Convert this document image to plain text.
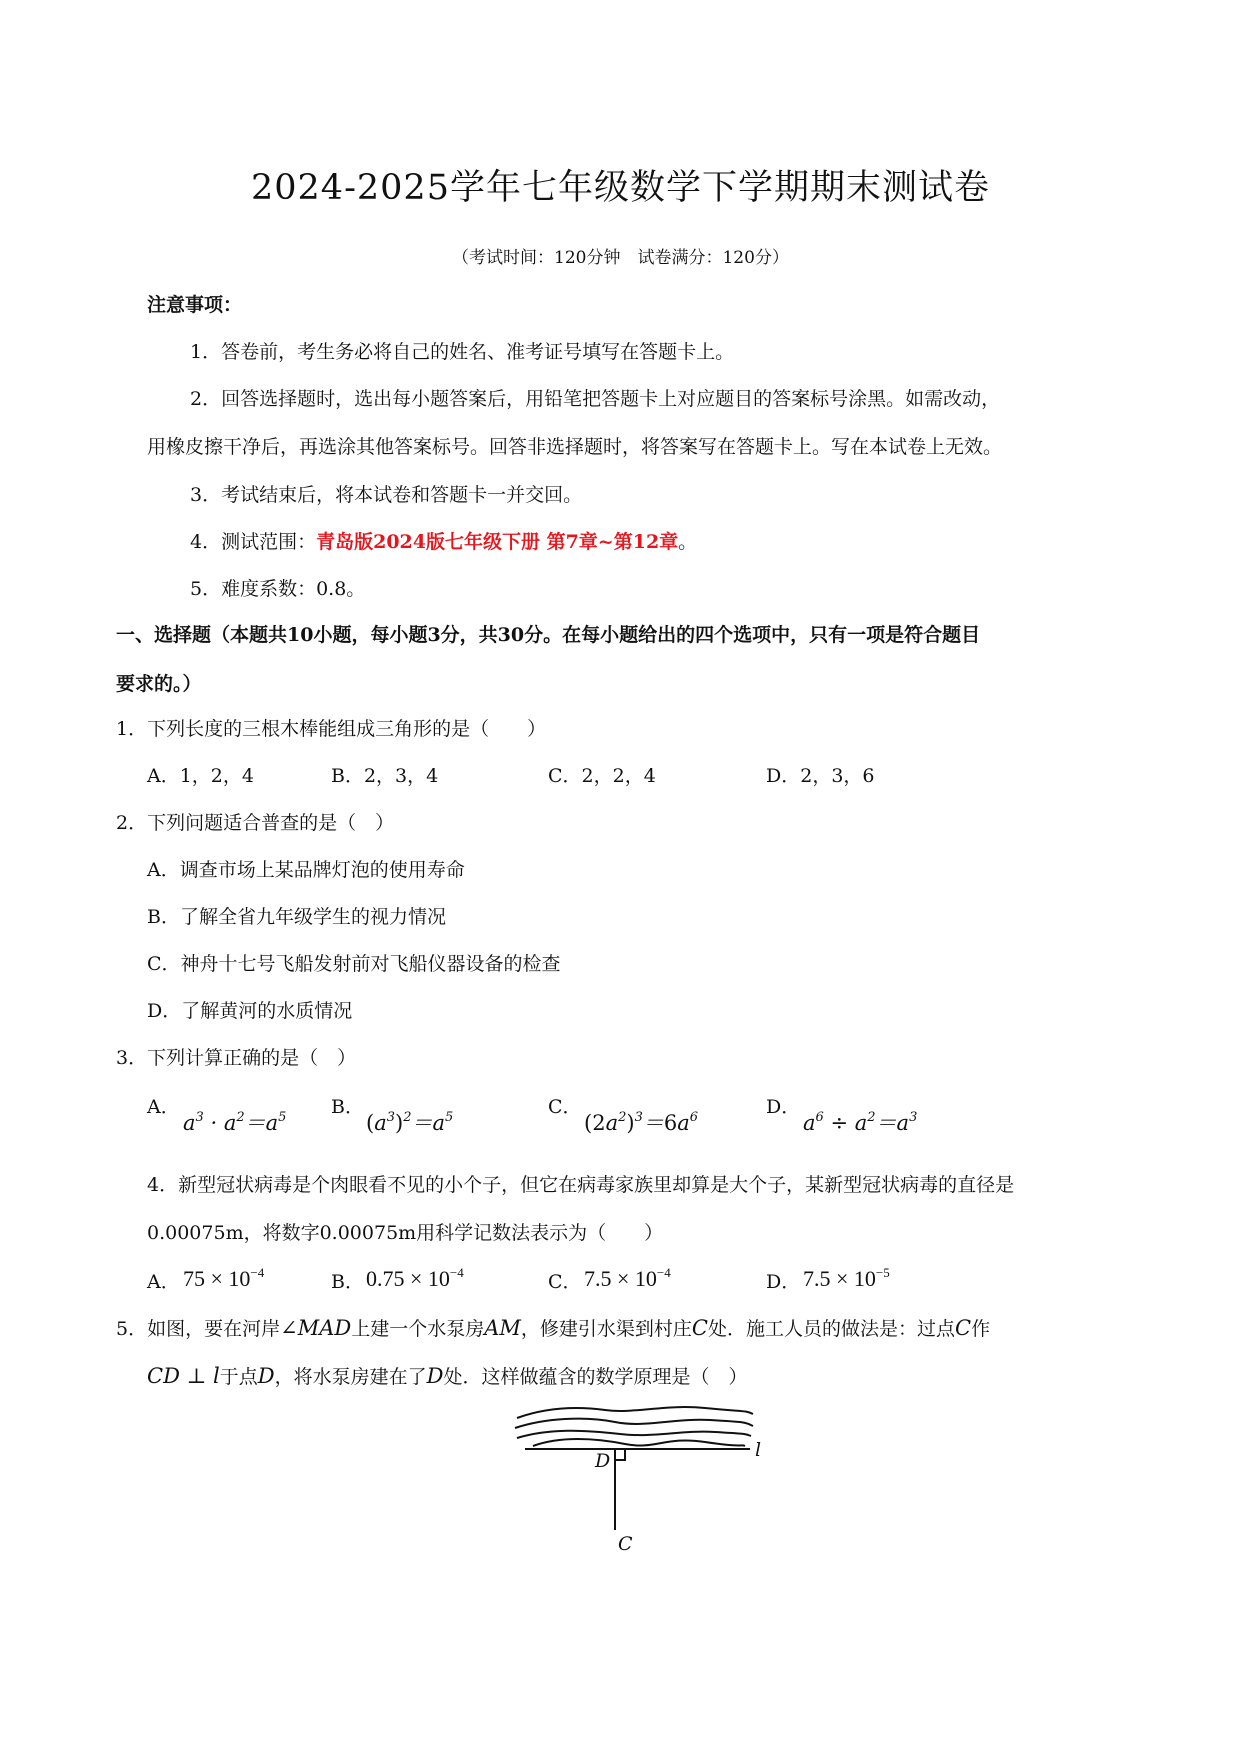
2024-2025学年七年级数学下学期期末测试卷
（考试时间：120分钟　试卷满分：120分）
注意事项：
1．答卷前，考生务必将自己的姓名、准考证号填写在答题卡上。
2．回答选择题时，选出每小题答案后，用铅笔把答题卡上对应题目的答案标号涂黑。如需改动，
用橡皮擦干净后，再选涂其他答案标号。回答非选择题时，将答案写在答题卡上。写在本试卷上无效。
3．考试结束后，将本试卷和答题卡一并交回。
4．测试范围：青岛版2024版七年级下册 第7章~第12章。
5．难度系数：0.8。
一、选择题（本题共10小题，每小题3分，共30分。在每小题给出的四个选项中，只有一项是符合题目
要求的。）
1．下列长度的三根木棒能组成三角形的是（　　）
A．1，2，4	B．2，3，4	C．2，2，4	D．2，3，6
2．下列问题适合普查的是（　）
A．调查市场上某品牌灯泡的使用寿命
B．了解全省九年级学生的视力情况
C．神舟十七号飞船发射前对飞船仪器设备的检查
D．了解黄河的水质情况
3．下列计算正确的是（　）
A．
$a^3 \cdot a^2=a^5$ B．
$(a^3)^2=a^5$	C．
$(2a^2)^3=6a^6$	D．
$a^6 \div a^2=a^3$
4．新型冠状病毒是个肉眼看不见的小个子，但它在病毒家族里却算是大个子，某新型冠状病毒的直径是
0.00075m，将数字0.00075m用科学记数法表示为（　　）
A． $75 \times 10^{-4}$	B． $0.75 \times 10^{-4}$	C． $7.5 \times 10^{-4}$	D． $7.5 \times 10^{-5}$
5．如图，要在河岸∠MAD上建一个水泵房AM，修建引水渠到村庄C处．施工人员的做法是：过点C作
CD ⊥ l于点D，将水泵房建在了D处．这样做蕴含的数学原理是（　）
D	l
C
